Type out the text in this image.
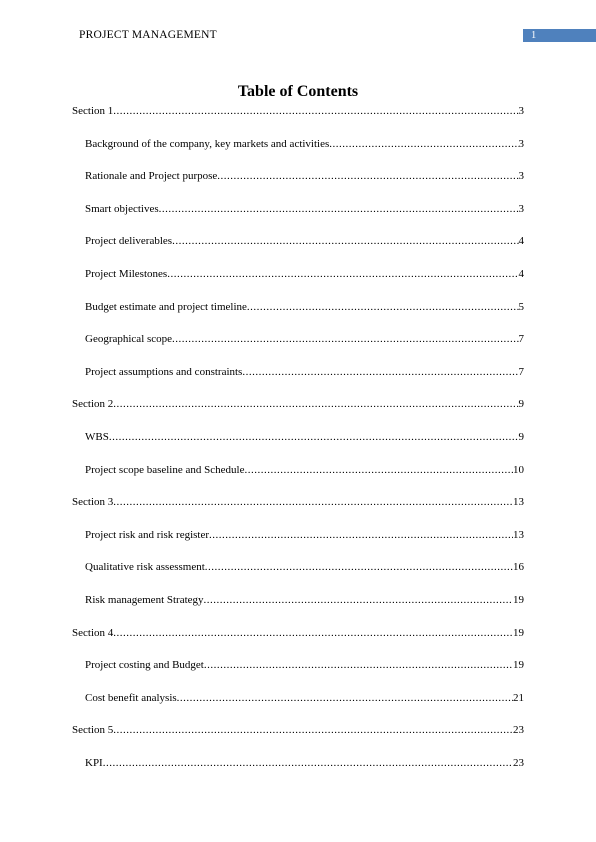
PROJECT MANAGEMENT	1
Table of Contents
Section 1 .....	3
Background of the company, key markets and activities .....	3
Rationale and Project purpose .....	3
Smart objectives .....	3
Project deliverables .....	4
Project Milestones .....	4
Budget estimate and project timeline .....	5
Geographical scope .....	7
Project assumptions and constraints .....	7
Section 2 .....	9
WBS .....	9
Project scope baseline and Schedule .....	10
Section 3 .....	13
Project risk and risk register .....	13
Qualitative risk assessment .....	16
Risk management Strategy .....	19
Section 4 .....	19
Project costing and Budget .....	19
Cost benefit analysis .....	21
Section 5 .....	23
KPI .....	23
